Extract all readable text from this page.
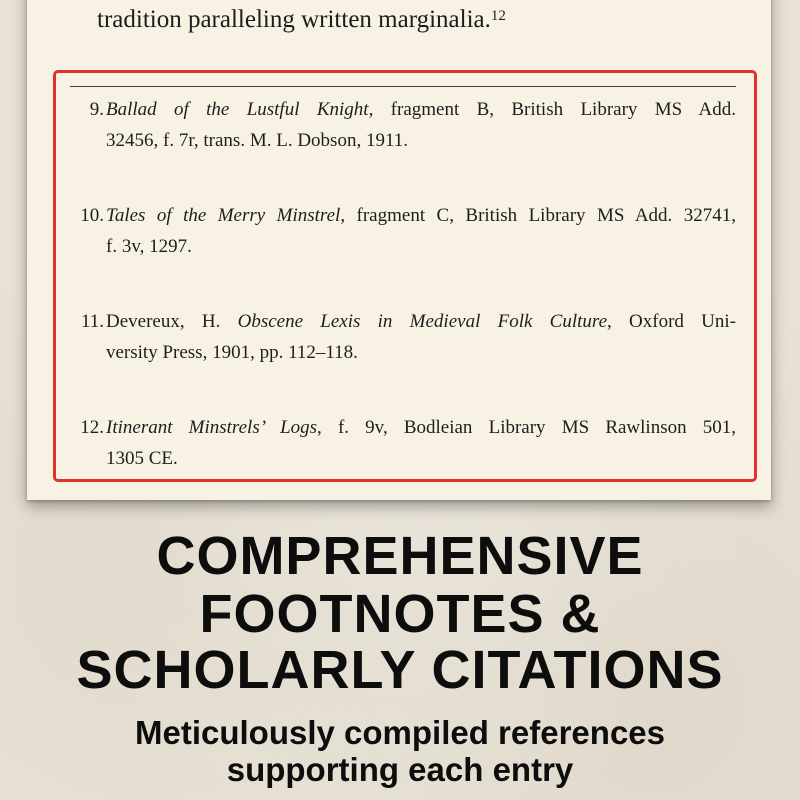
tradition paralleling written marginalia.$^{12}$
9. Ballad of the Lustful Knight, fragment B, British Library MS Add.
32456, f. 7r, trans. M. L. Dobson, 1911.
10. Tales of the Merry Minstrel, fragment C, British Library MS Add. 32741,
f. 3v, 1297.
11. Devereux, H. Obscene Lexis in Medieval Folk Culture, Oxford Uni-
versity Press, 1901, pp. 112–118.
12. Itinerant Minstrels’ Logs, f. 9v, Bodleian Library MS Rawlinson 501,
1305 CE.
COMPREHENSIVE
FOOTNOTES &
SCHOLARLY CITATIONS
Meticulously compiled references
supporting each entry
